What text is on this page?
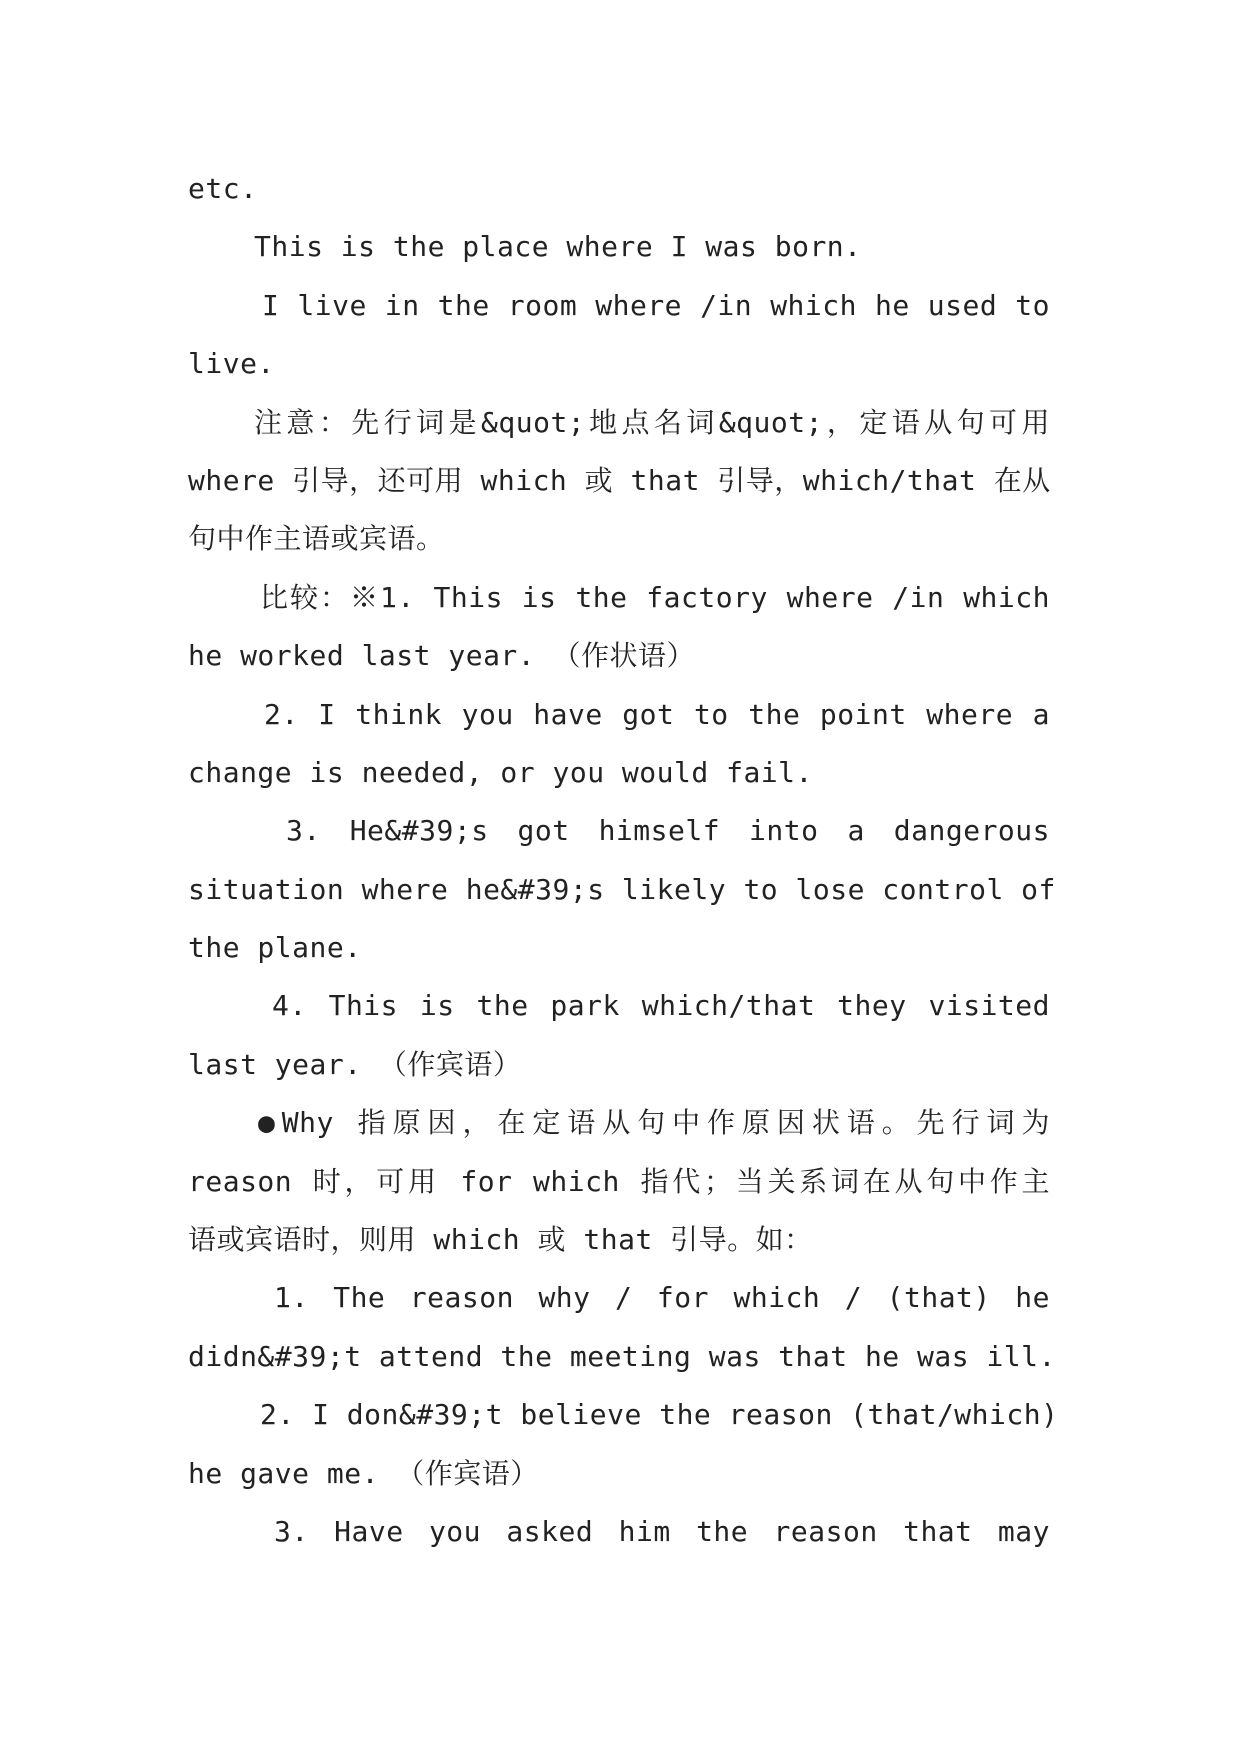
etc.
This is the place where I was born.
I live in the room where /in which he used to
live.
注意：先行词是&quot;地点名词&quot;，定语从句可用
where 引导，还可用 which 或 that 引导，which/that 在从
句中作主语或宾语。
比较：※1. This is the factory where /in which
he worked last year. （作状语）
2. I think you have got to the point where a
change is needed, or you would fail.
3. He&#39;s got himself into a dangerous
situation where he&#39;s likely to lose control of
the plane.
4. This is the park which/that they visited
last year. （作宾语）
●Why 指原因，在定语从句中作原因状语。先行词为
reason 时，可用 for which 指代；当关系词在从句中作主
语或宾语时，则用 which 或 that 引导。如：
1. The reason why / for which / (that) he
didn&#39;t attend the meeting was that he was ill.
2. I don&#39;t believe the reason (that/which)
he gave me. （作宾语）
3. Have you asked him the reason that may
